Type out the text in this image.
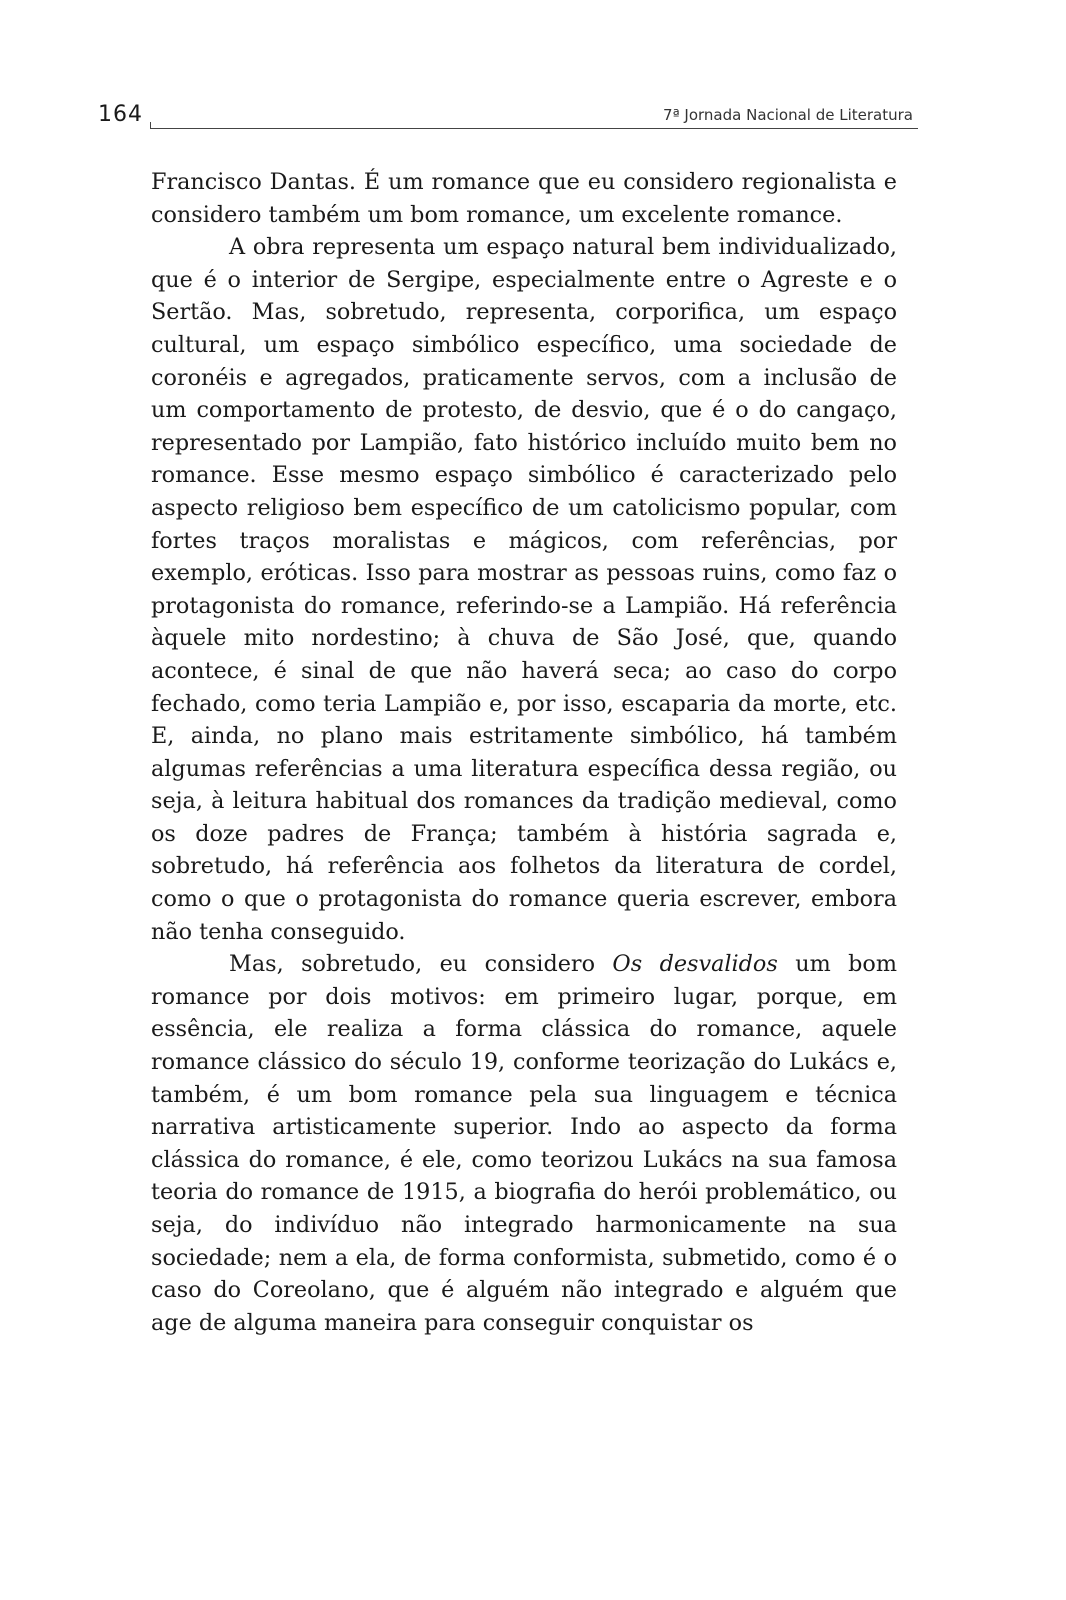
164	7ª Jornada Nacional de Literatura

Francisco Dantas. É um romance que eu considero regionalista e considero também um bom romance, um excelente romance.

A obra representa um espaço natural bem individualizado, que é o interior de Sergipe, especialmente entre o Agreste e o Sertão. Mas, sobretudo, representa, corporifica, um espaço cultural, um espaço simbólico específico, uma sociedade de coronéis e agregados, praticamente servos, com a inclusão de um comportamento de protesto, de desvio, que é o do cangaço, representado por Lampião, fato histórico incluído muito bem no romance. Esse mesmo espaço simbólico é caracterizado pelo aspecto religioso bem específico de um catolicismo popular, com fortes traços moralistas e mágicos, com referências, por exemplo, eróticas. Isso para mostrar as pessoas ruins, como faz o protagonista do romance, referindo-se a Lampião. Há referência àquele mito nordestino; à chuva de São José, que, quando acontece, é sinal de que não haverá seca; ao caso do corpo fechado, como teria Lampião e, por isso, escaparia da morte, etc. E, ainda, no plano mais estritamente simbólico, há também algumas referências a uma literatura específica dessa região, ou seja, à leitura habitual dos romances da tradição medieval, como os doze padres de França; também à história sagrada e, sobretudo, há referência aos folhetos da literatura de cordel, como o que o protagonista do romance queria escrever, embora não tenha conseguido.

Mas, sobretudo, eu considero Os desvalidos um bom romance por dois motivos: em primeiro lugar, porque, em essência, ele realiza a forma clássica do romance, aquele romance clássico do século 19, conforme teorização do Lukács e, também, é um bom romance pela sua linguagem e técnica narrativa artisticamente superior. Indo ao aspecto da forma clássica do romance, é ele, como teorizou Lukács na sua famosa teoria do romance de 1915, a biografia do herói problemático, ou seja, do indivíduo não integrado harmonicamente na sua sociedade; nem a ela, de forma conformista, submetido, como é o caso do Coreolano, que é alguém não integrado e alguém que age de alguma maneira para conseguir conquistar os
